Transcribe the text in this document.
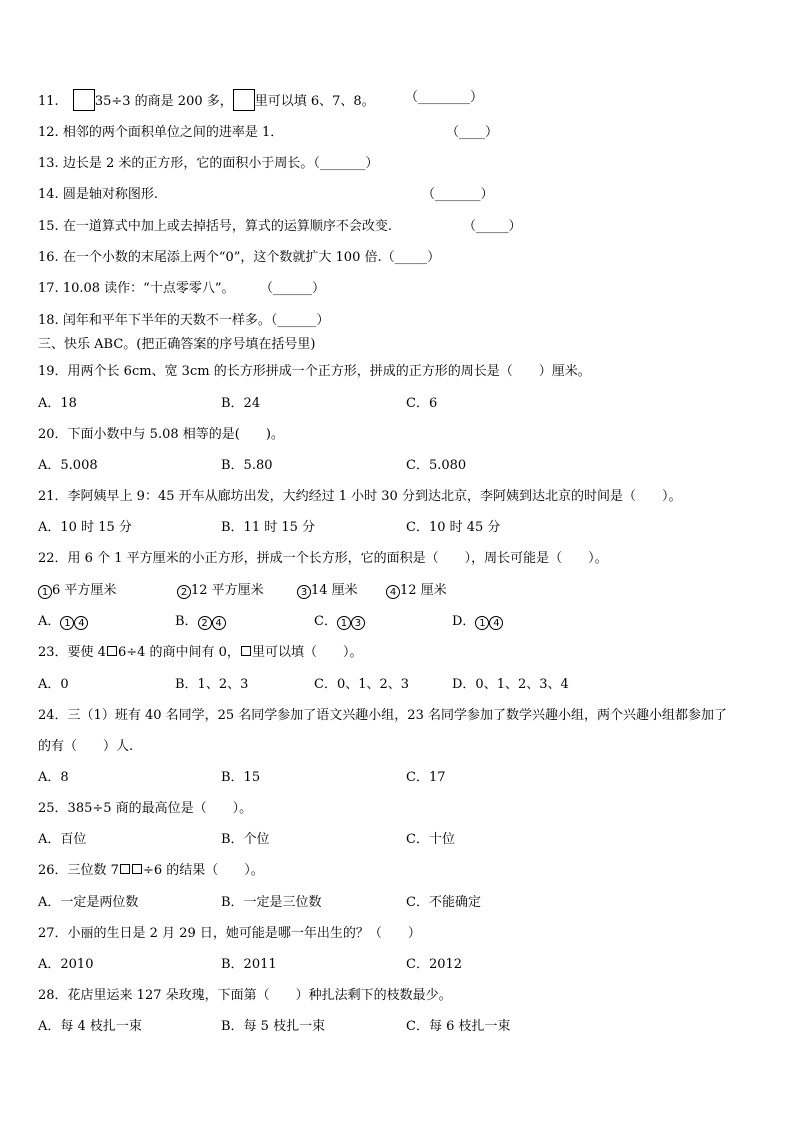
11.	35÷3 的商是 200 多， 里可以填 6、7、8。 （________）
12. 相邻的两个面积单位之间的进率是 1．	（____）
13. 边长是 2 米的正方形，它的面积小于周长。（_______）
14. 圆是轴对称图形.	（_______）
15. 在一道算式中加上或去掉括号，算式的运算顺序不会改变.	（_____）
16. 在一个小数的末尾添上两个“0”，这个数就扩大 100 倍.（_____）
17. 10.08 读作：“十点零零八”。 （______）
18. 闰年和平年下半年的天数不一样多。（______）
三、快乐 ABC。(把正确答案的序号填在括号里)
19．用两个长 6cm、宽 3cm 的长方形拼成一个正方形，拼成的正方形的周长是（　　）厘米。
A．18	B．24	C．6
20．下面小数中与 5.08 相等的是(　　)。
A．5.008	B．5.80	C．5.080
21．李阿姨早上 9：45 开车从廊坊出发，大约经过 1 小时 30 分到达北京，李阿姨到达北京的时间是（　　）。
A．10 时 15 分	B．11 时 15 分	C．10 时 45 分
22．用 6 个 1 平方厘米的小正方形，拼成一个长方形，它的面积是（　　），周长可能是（　　）。
1 6 平方厘米	2 12 平方厘米	3 14 厘米	4 12 厘米
A． 1 4	B． 2 4	C． 1 3	D． 1 4
23．要使 4 6÷4 的商中间有 0， 里可以填（　　）。
A．0	B．1、2、3	C．0、1、2、3	D．0、1、2、3、4
24．三（1）班有 40 名同学，25 名同学参加了语文兴趣小组，23 名同学参加了数学兴趣小组，两个兴趣小组都参加了
的有（　　）人.
A．8	B．15	C．17
25．385÷5 商的最高位是（　　）。
A．百位	B．个位	C．十位
26．三位数 7 ÷6 的结果（　　）。
A．一定是两位数	B．一定是三位数	C．不能确定
27．小丽的生日是 2 月 29 日，她可能是哪一年出生的？（　　）
A．2010	B．2011	C．2012
28．花店里运来 127 朵玫瑰，下面第（　　）种扎法剩下的枝数最少。
A．每 4 枝扎一束	B．每 5 枝扎一束	C．每 6 枝扎一束
